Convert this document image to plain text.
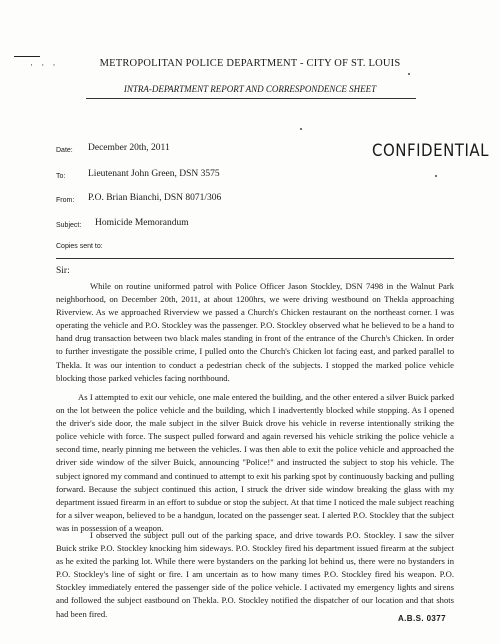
· · ·	METROPOLITAN POLICE DEPARTMENT - CITY OF ST. LOUIS
INTRA-DEPARTMENT REPORT AND CORRESPONDENCE SHEET
Date: December 20th, 2011	CONFIDENTIAL
To: Lieutenant John Green, DSN 3575
From: P.O. Brian Bianchi, DSN 8071/306
Subject: Homicide Memorandum
Copies sent to:
Sir:
While on routine uniformed patrol with Police Officer Jason Stockley, DSN 7498 in the Walnut Park neighborhood, on December 20th, 2011, at about 1200hrs, we were driving westbound on Thekla approaching Riverview. As we approached Riverview we passed a Church's Chicken restaurant on the northeast corner. I was operating the vehicle and P.O. Stockley was the passenger. P.O. Stockley observed what he believed to be a hand to hand drug transaction between two black males standing in front of the entrance of the Church's Chicken. In order to further investigate the possible crime, I pulled onto the Church's Chicken lot facing east, and parked parallel to Thekla. It was our intention to conduct a pedestrian check of the subjects. I stopped the marked police vehicle blocking those parked vehicles facing northbound.
As I attempted to exit our vehicle, one male entered the building, and the other entered a silver Buick parked on the lot between the police vehicle and the building, which I inadvertently blocked while stopping. As I opened the driver's side door, the male subject in the silver Buick drove his vehicle in reverse intentionally striking the police vehicle with force. The suspect pulled forward and again reversed his vehicle striking the police vehicle a second time, nearly pinning me between the vehicles. I was then able to exit the police vehicle and approached the driver side window of the silver Buick, announcing "Police!" and instructed the subject to stop his vehicle. The subject ignored my command and continued to attempt to exit his parking spot by continuously backing and pulling forward. Because the subject continued this action, I struck the driver side window breaking the glass with my department issued firearm in an effort to subdue or stop the subject. At that time I noticed the male subject reaching for a silver weapon, believed to be a handgun, located on the passenger seat. I alerted P.O. Stockley that the subject was in possession of a weapon.
I observed the subject pull out of the parking space, and drive towards P.O. Stockley. I saw the silver Buick strike P.O. Stockley knocking him sideways. P.O. Stockley fired his department issued firearm at the subject as he exited the parking lot. While there were bystanders on the parking lot behind us, there were no bystanders in P.O. Stockley's line of sight or fire. I am uncertain as to how many times P.O. Stockley fired his weapon. P.O. Stockley immediately entered the passenger side of the police vehicle. I activated my emergency lights and sirens and followed the subject eastbound on Thekla. P.O. Stockley notified the dispatcher of our location and that shots had been fired.	A.B.S. 0377
